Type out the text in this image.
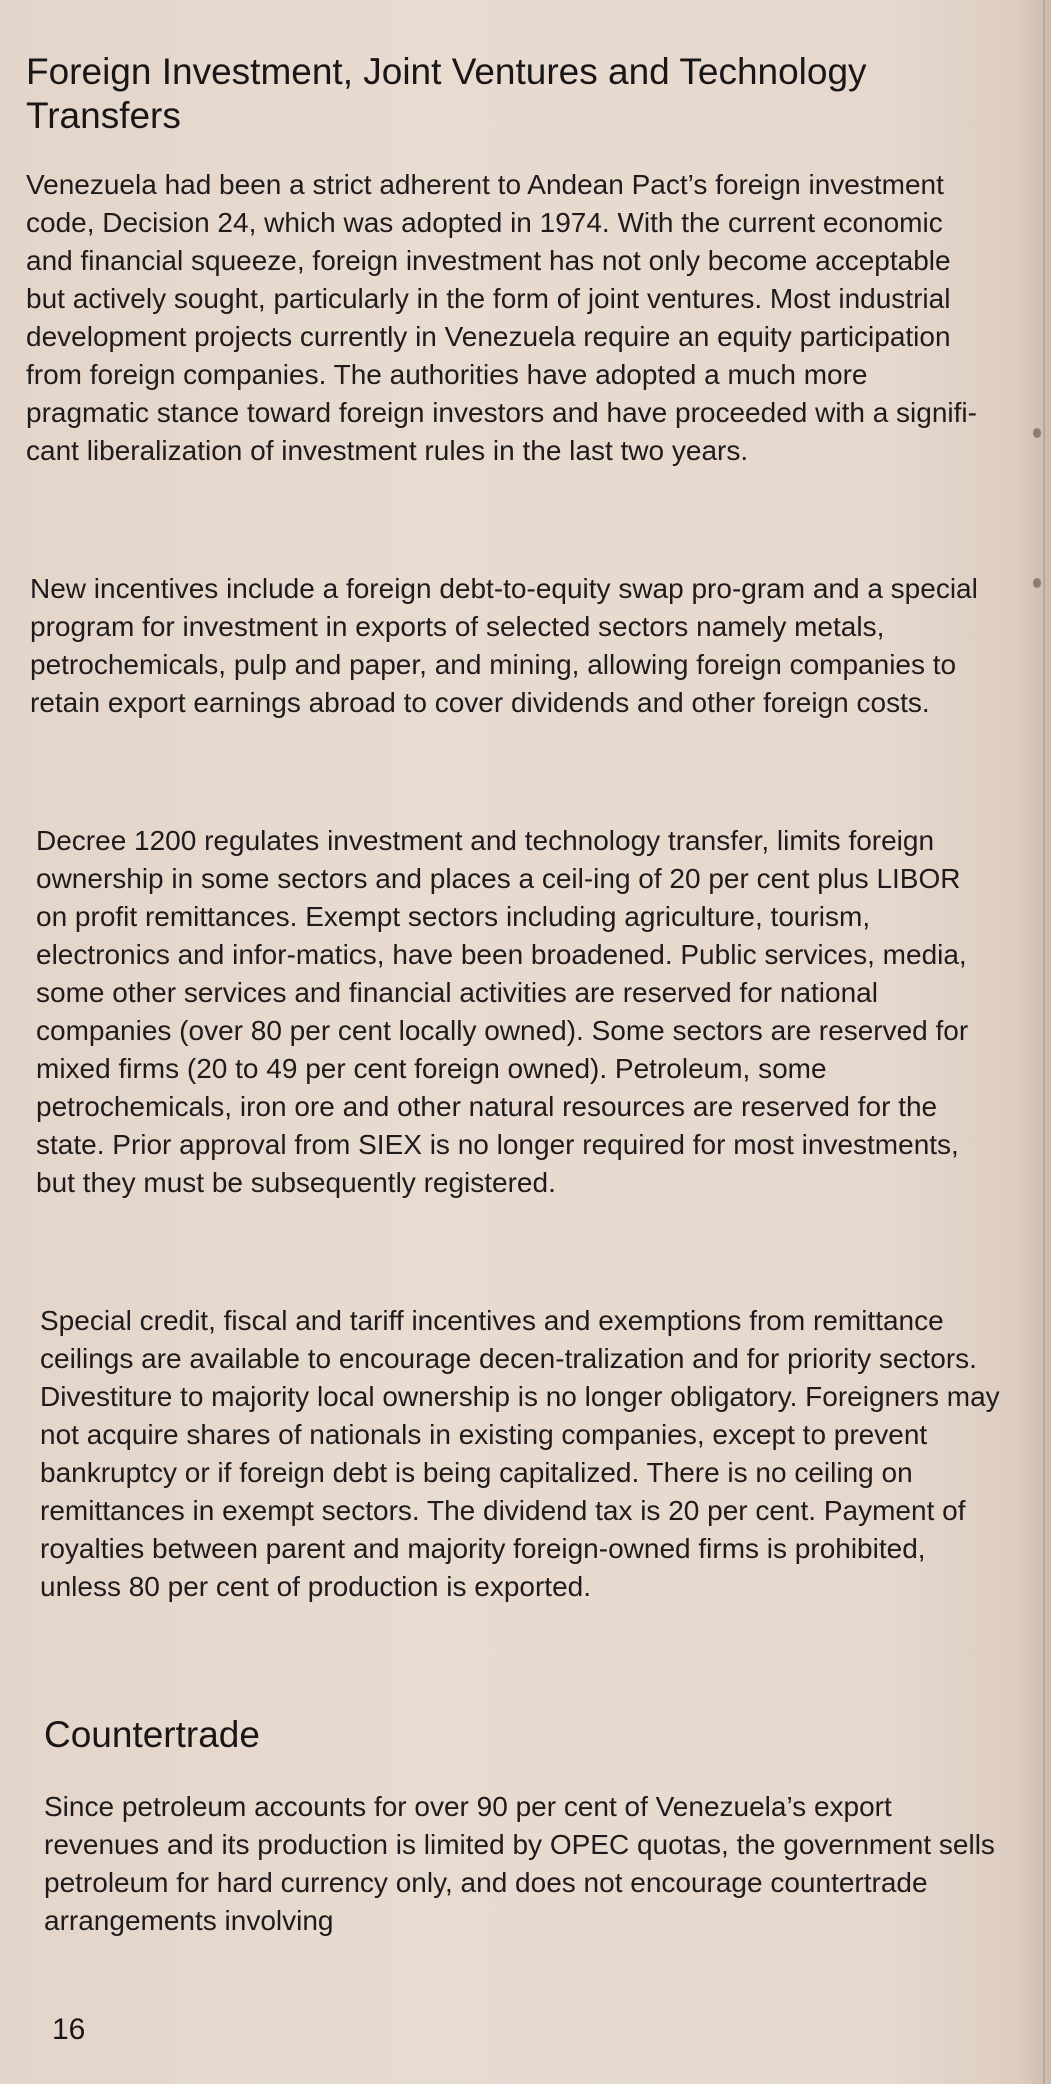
Foreign Investment, Joint Ventures and Technology Transfers

Venezuela had been a strict adherent to Andean Pact’s foreign investment code, Decision 24, which was adopted in 1974. With the current economic and financial squeeze, foreign investment has not only become acceptable but actively sought, particularly in the form of joint ventures. Most industrial development projects currently in Venezuela require an equity participation from foreign companies. The authorities have adopted a much more pragmatic stance toward foreign investors and have proceeded with a signifi-cant liberalization of investment rules in the last two years.

New incentives include a foreign debt-to-equity swap pro-gram and a special program for investment in exports of selected sectors namely metals, petrochemicals, pulp and paper, and mining, allowing foreign companies to retain export earnings abroad to cover dividends and other foreign costs.

Decree 1200 regulates investment and technology transfer, limits foreign ownership in some sectors and places a ceil-ing of 20 per cent plus LIBOR on profit remittances. Exempt sectors including agriculture, tourism, electronics and infor-matics, have been broadened. Public services, media, some other services and financial activities are reserved for national companies (over 80 per cent locally owned). Some sectors are reserved for mixed firms (20 to 49 per cent foreign owned). Petroleum, some petrochemicals, iron ore and other natural resources are reserved for the state. Prior approval from SIEX is no longer required for most investments, but they must be subsequently registered.

Special credit, fiscal and tariff incentives and exemptions from remittance ceilings are available to encourage decen-tralization and for priority sectors. Divestiture to majority local ownership is no longer obligatory. Foreigners may not acquire shares of nationals in existing companies, except to prevent bankruptcy or if foreign debt is being capitalized. There is no ceiling on remittances in exempt sectors. The dividend tax is 20 per cent. Payment of royalties between parent and majority foreign-owned firms is prohibited, unless 80 per cent of production is exported.

Countertrade

Since petroleum accounts for over 90 per cent of Venezuela’s export revenues and its production is limited by OPEC quotas, the government sells petroleum for hard currency only, and does not encourage countertrade arrangements involving

16
